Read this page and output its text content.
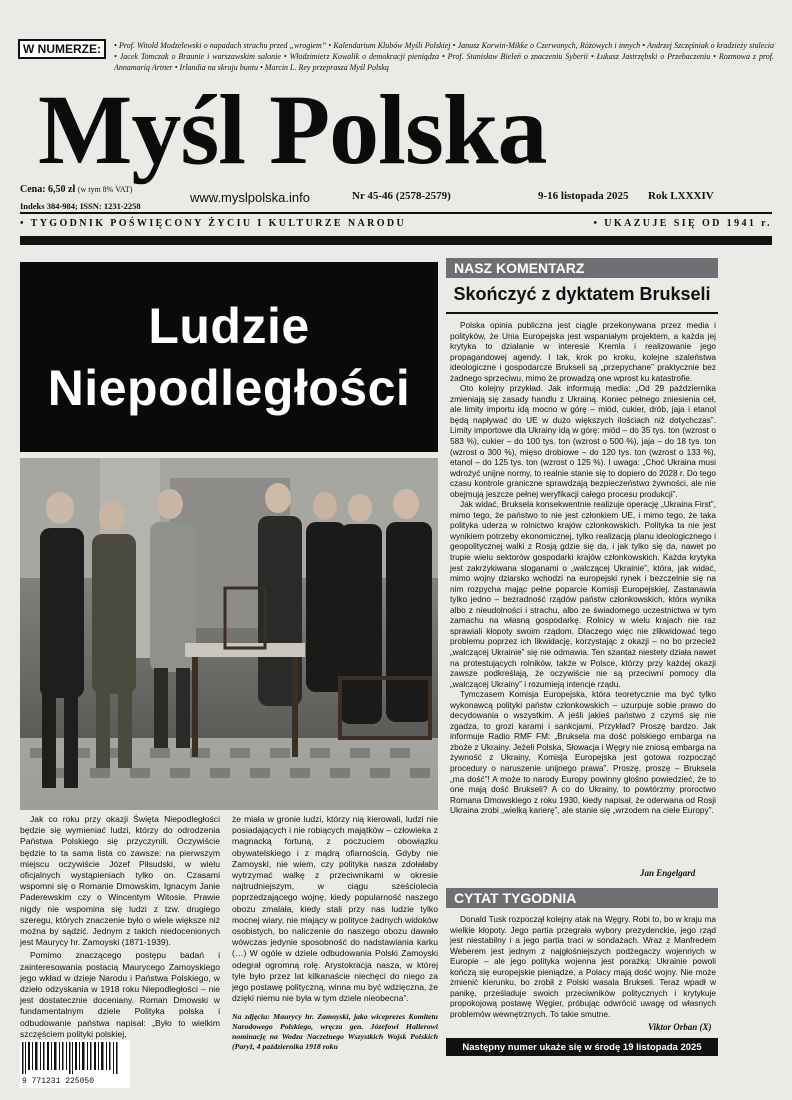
W NUMERZE:	• Prof. Witold Modzelewski o napadach strachu przed „wrogiem” • Kalendarium Klubów Myśli Polskiej • Janusz Korwin-Mikke o Czerwonych, Różowych i innych • Andrzej Szczęśniak o kradzieży stulecia • Jacek Tomczak o Braunie i warszawskim salonie • Włodzimierz Kowalik o demokracji pieniądza • Prof. Stanisław Bieleń o znaczeniu Syberii • Łukasz Jastrzębski o Przebaczeniu • Rozmowa z prof. Annamarią Artner • Irlandia na skraju buntu • Marcin L. Rey przeprasza Myśl Polską
Myśl Polska
Cena: 6,50 zł (w tym 8% VAT)
Indeks 384-984; ISSN: 1231-2258
www.myslpolska.info	Nr 45-46 (2578-2579)	9-16 listopada 2025 Rok LXXXIV
• TYGODNIK POŚWIĘCONY ŻYCIU I KULTURZE NARODU	• UKAZUJE SIĘ OD 1941 r.
Ludzie
Niepodległości

Jak co roku przy okazji Święta Niepodległości będzie się wymieniać ludzi, którzy do odrodzenia Państwa Polskiego się przyczynili. Oczywiście będzie to ta sama lista co zawsze: na pierwszym miejscu oczywiście Józef Piłsudski, w wielu oficjalnych wystąpieniach tylko on. Czasami wspomni się o Romanie Dmowskim, Ignacym Janie Paderewskim czy o Wincentym Witosie. Prawie nigdy nie wspomina się ludzi z tzw. drugiego szeregu, których znaczenie było o wiele większe niż można by sądzić. Jednym z takich niedocenionych jest Maurycy hr. Zamoyski (1871-1939).

Pomimo znaczącego postępu badań i zainteresowania postacią Maurycego Zamoyskiego jego wkład w dzieje Narodu i Państwa Polskiego, w dzieło odzyskania w 1918 roku Niepodległości – nie jest dostatecznie doceniany. Roman Dmowski w fundamentalnym dziele Polityka polska i odbudowanie państwa napisał: „Było to wielkim szczęściem polityki polskiej,

że miała w gronie ludzi, którzy nią kierowali, ludzi nie posiadających i nie robiących majątków – człowieka z magnacką fortuną, z poczuciem obowiązku obywatelskiego i z mądrą ofiarnością. Gdyby nie Zamoyski, nie wiem, czy polityka nasza zdołałaby wytrzymać walkę z przeciwnikami w okresie najtrudniejszym, w ciągu sześciolecia poprzedzającego wojnę, kiedy popularność naszego obozu zmalała, kiedy stali przy nas ludzie tylko mocnej wiary, nie mający w polityce żadnych widoków osobistych, bo naliczenie do naszego obozu dawało wówczas jedynie sposobność do nadstawiania karku (…) W ogóle w dziele odbudowania Polski Zamoyski odegrał ogromną rolę. Arystokracja nasza, w której tyle było przez lat kilkanaście niechęci do niego za jego postawę polityczną, winna mu być wdzięczna, że dzięki niemu nie była w tym dziele nieobecna”.

Na zdjęciu: Maurycy hr. Zamoyski, jako wiceprezes Komitetu Narodowego Polskiego, wręcza gen. Józefowi Hallerowi nominację na Wodza Naczelnego Wszystkich Wojsk Polskich (Paryż, 4 października 1918 roku
9 771231 225050
NASZ KOMENTARZ
Skończyć z dyktatem Brukseli

Polska opinia publiczna jest ciągle przekonywana przez media i polityków, że Unia Europejska jest wspaniałym projektem, a każda jej krytyka to działanie w interesie Kremla i realizowanie jego propagandowej agendy. I tak, krok po kroku, kolejne szaleństwa ideologiczne i gospodarcze Brukseli są „przepychane” praktycznie bez żadnego sprzeciwu, mimo że prowadzą one wprost ku katastrofie.

Oto kolejny przykład. Jak informują media: „Od 29 października zmieniają się zasady handlu z Ukrainą. Koniec pełnego zniesienia ceł, ale limity importu idą mocno w górę – miód, cukier, drób, jaja i etanol będą napływać do UE w dużo większych ilościach niż dotychczas”. Limity importowe dla Ukrainy idą w górę: miód – do 35 tys. ton (wzrost o 583 %), cukier – do 100 tys. ton (wzrost o 500 %), jaja – do 18 tys. ton (wzrost o 300 %), mięso drobiowe – do 120 tys. ton (wzrost o 133 %), etanol – do 125 tys. ton (wzrost o 125 %). I uwaga: „Choć Ukraina musi wdrożyć unijne normy, to realnie stanie się to dopiero do 2028 r. Do tego czasu kontrole graniczne sprawdzają bezpieczeństwo żywności, ale nie obejmują jeszcze pełnej weryfikacji całego procesu produkcji”.

Jak widać, Bruksela konsekwentnie realizuje operację „Ukraina First”, mimo tego, że państwo to nie jest członkiem UE, i mimo tego, że taka polityka uderza w rolnictwo krajów członkowskich. Polityka ta nie jest wynikiem potrzeby ekonomicznej, tylko realizacją planu ideologicznego i geopolitycznej walki z Rosją gdzie się da, i jak tylko się da, nawet po trupie wielu sektorów gospodarki krajów członkowskich. Każda krytyka jest zakrzykiwana sloganami o „walczącej Ukrainie”, która, jak widać, mimo wojny dziarsko wchodzi na europejski rynek i bezczelnie się na nim rozpycha mając pełne poparcie Komisji Europejskiej. Zastanawia tylko jedno – bezradność rządów państw członkowskich, która wynika albo z nieudolności i strachu, albo ze świadomego uczestnictwa w tym zamachu na własną gospodarkę. Rolnicy w wielu krajach nie raz sprawiali kłopoty swoim rządom. Dlaczego więc nie zlikwidować tego problemu poprzez ich likwidację, korzystając z okazji – no bo przecież „walczącej Ukrainie” się nie odmawia. Ten szantaż niestety działa nawet na protestujących rolników, także w Polsce, którzy przy każdej okazji zawsze podkreślają, że oczywiście nie są przeciwni pomocy dla „walczącej Ukrainy” i rozumieją intencje rządu.

Tymczasem Komisja Europejska, która teoretycznie ma być tylko wykonawcą polityki państw członkowskich – uzurpuje sobie prawo do decydowania o wszystkim. A jeśli jakieś państwo z czymś się nie zgadza, to grozi karami i sankcjami. Przykład? Proszę bardzo. Jak informuje Radio RMF FM: „Bruksela ma dość polskiego embarga na zboże z Ukrainy. Jeżeli Polska, Słowacja i Węgry nie zniosą embarga na żywność z Ukrainy, Komisja Europejska jest gotowa rozpocząć procedury o naruszenie unijnego prawa”. Proszę, proszę – Bruksela „ma dość”! A może to narody Europy powinny głośno powiedzieć, że to one mają dość Brukseli? A co do Ukrainy, to powtórzmy proroctwo Romana Dmowskiego z roku 1930, kiedy napisał, że oderwana od Rosji Ukraina zrobi „wielką karierę”, ale stanie się „wrzodem na ciele Europy”.

Jan Engelgard
CYTAT TYGODNIA

Donald Tusk rozpoczął kolejny atak na Węgry. Robi to, bo w kraju ma wielkie kłopoty. Jego partia przegrała wybory prezydenckie, jego rząd jest niestabilny i a jego partia traci w sondażach. Wraz z Manfredem Weberem jest jednym z najgłośniejszych podżegaczy wojennych w Europie – ale jego polityka wojenna jest porażką: Ukrainie powoli kończą się europejskie pieniądze, a Polacy mają dość wojny. Nie może zmienić kierunku, bo zrobił z Polski wasala Brukseli. Teraz wpadł w panikę, prześladuje swoich przeciwników politycznych i krytykuje propokojową postawę Węgier, próbując odwrócić uwagę od własnych problemów wewnętrznych. To takie smutne.

Viktor Orban (X)
Następny numer ukaże się w środę 19 listopada 2025
